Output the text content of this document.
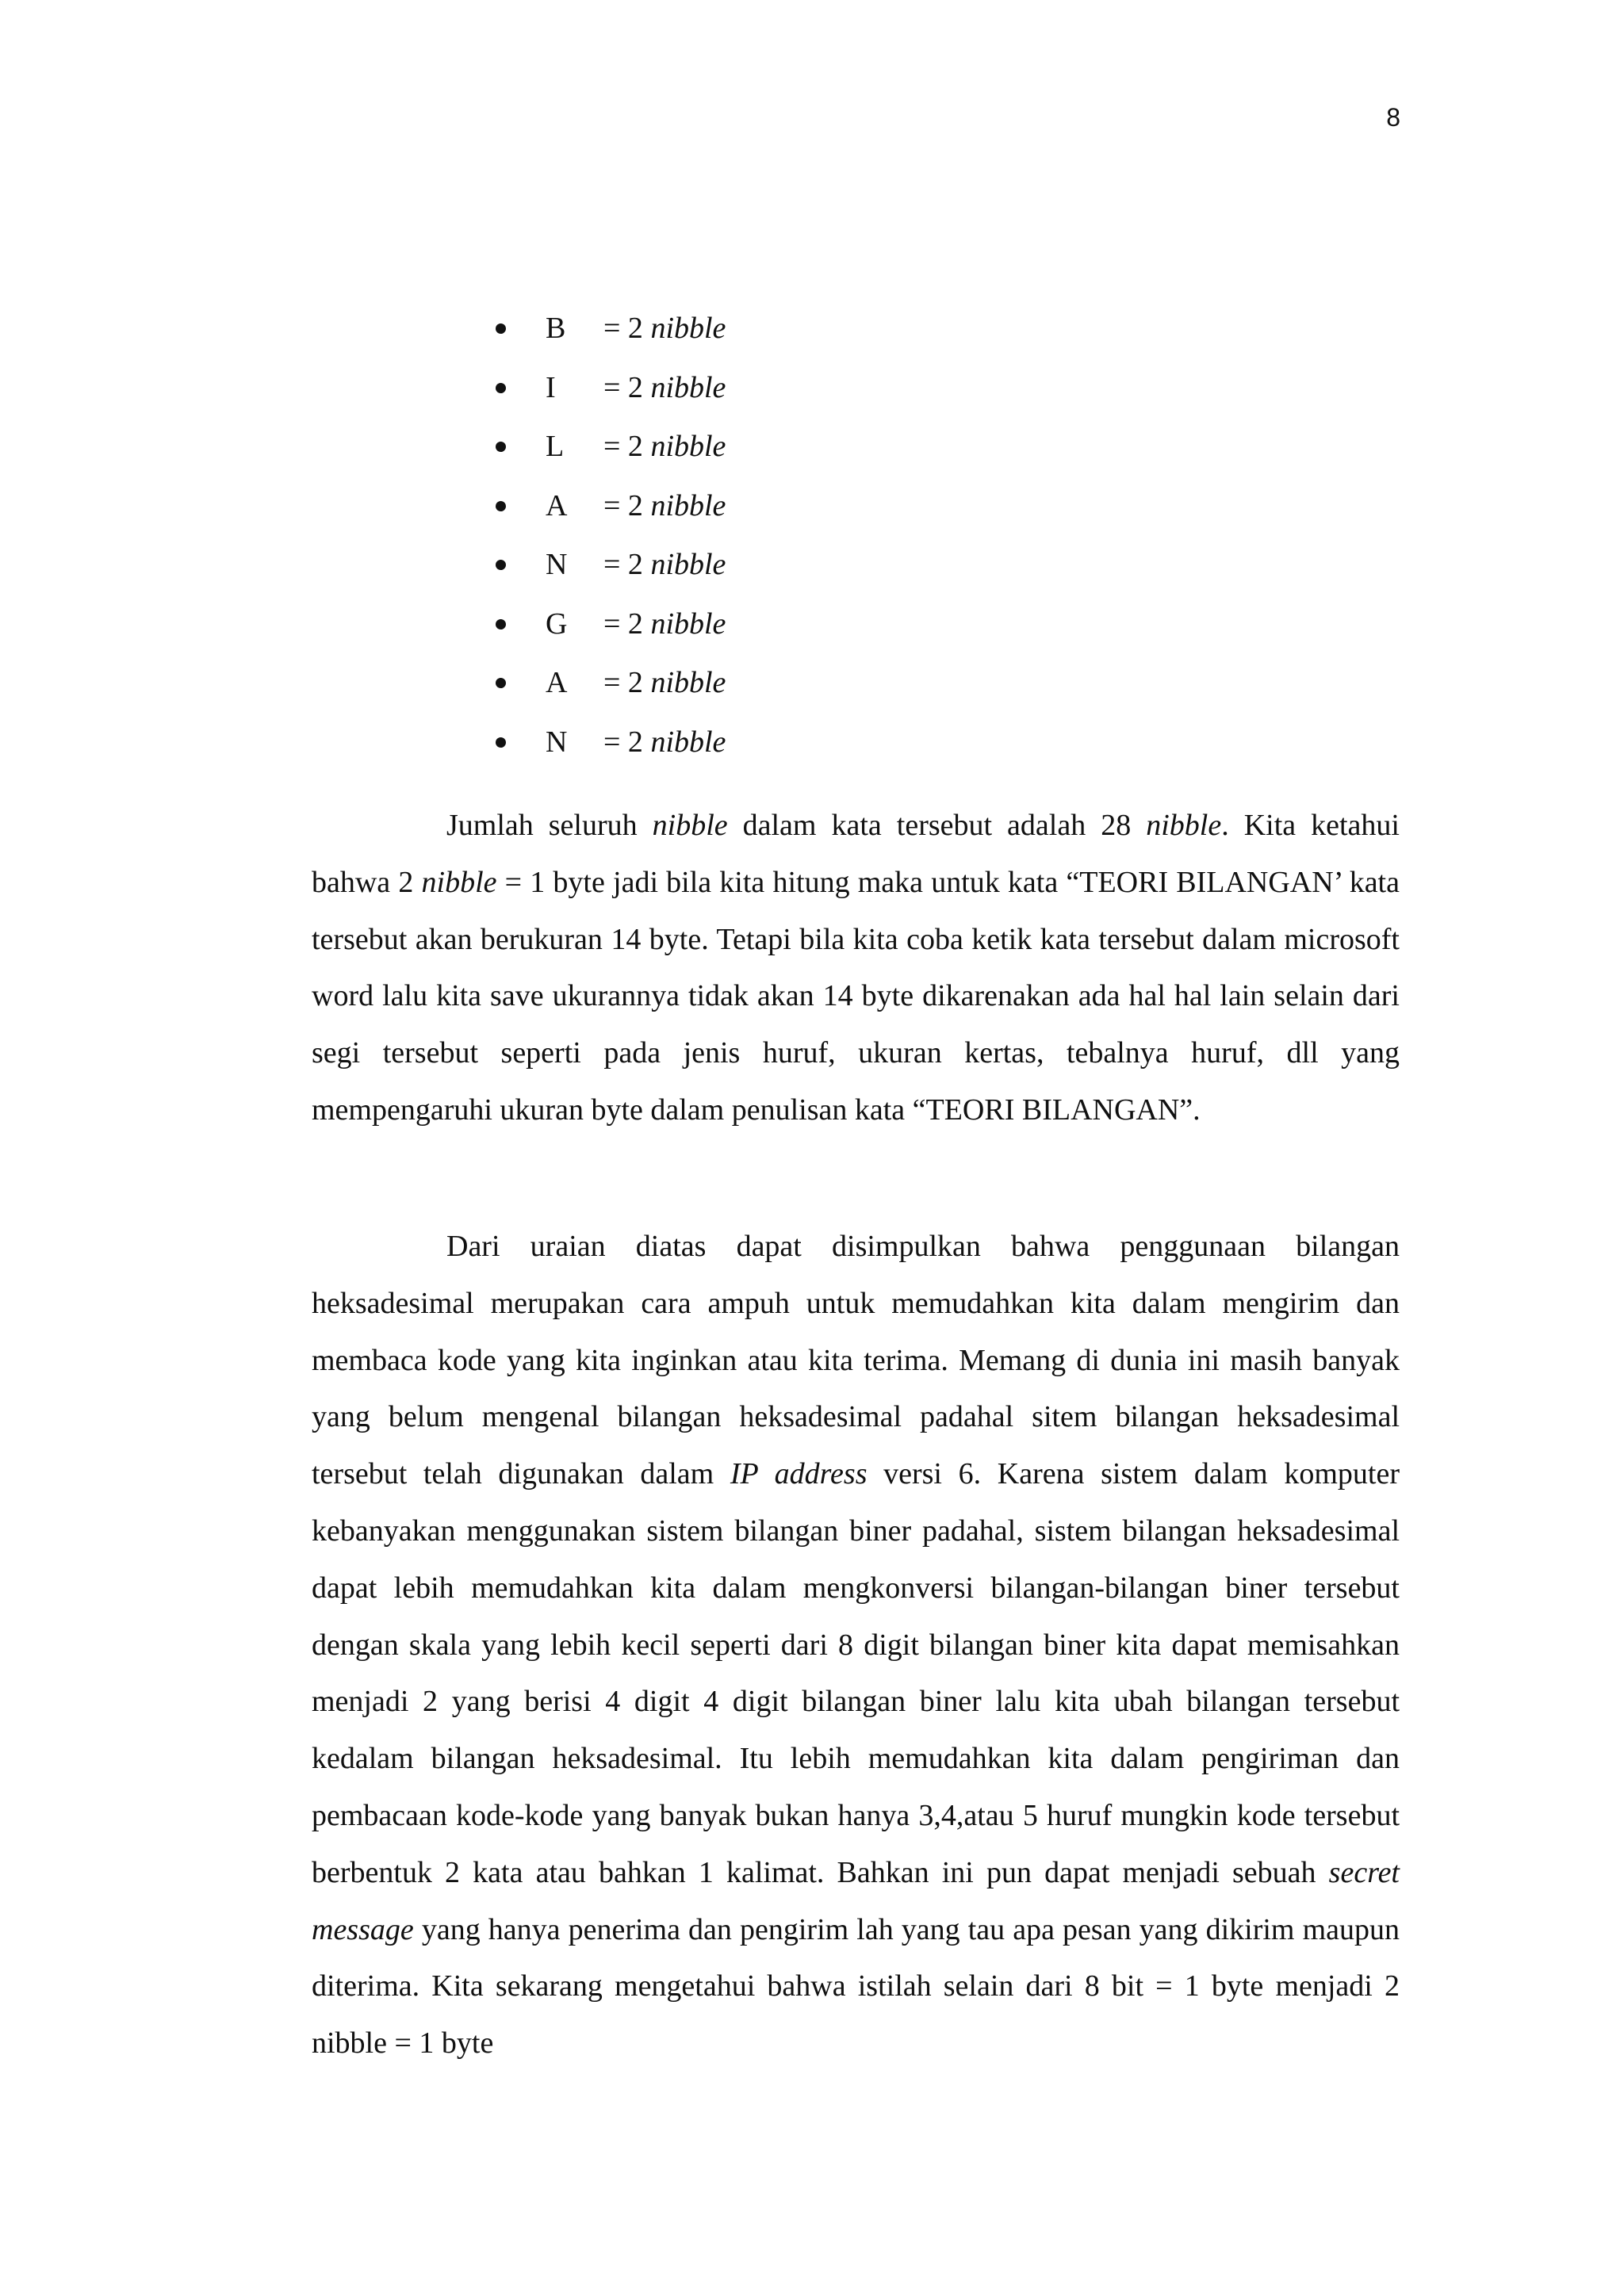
8
B = 2 nibble
I = 2 nibble
L = 2 nibble
A = 2 nibble
N = 2 nibble
G = 2 nibble
A = 2 nibble
N = 2 nibble

Jumlah seluruh nibble dalam kata tersebut adalah 28 nibble. Kita ketahui bahwa 2 nibble = 1 byte jadi bila kita hitung maka untuk kata “TEORI BILANGAN’ kata tersebut akan berukuran 14 byte. Tetapi bila kita coba ketik kata tersebut dalam microsoft word lalu kita save ukurannya tidak akan 14 byte dikarenakan ada hal hal lain selain dari segi tersebut seperti pada jenis huruf, ukuran kertas, tebalnya huruf, dll yang mempengaruhi ukuran byte dalam penulisan kata “TEORI BILANGAN”.

Dari uraian diatas dapat disimpulkan bahwa penggunaan bilangan heksadesimal merupakan cara ampuh untuk memudahkan kita dalam mengirim dan membaca kode yang kita inginkan atau kita terima. Memang di dunia ini masih banyak yang belum mengenal bilangan heksadesimal padahal sitem bilangan heksadesimal tersebut telah digunakan dalam IP address versi 6. Karena sistem dalam komputer kebanyakan menggunakan sistem bilangan biner padahal, sistem bilangan heksadesimal dapat lebih memudahkan kita dalam mengkonversi bilangan-bilangan biner tersebut dengan skala yang lebih kecil seperti dari 8 digit bilangan biner kita dapat memisahkan menjadi 2 yang berisi 4 digit 4 digit bilangan biner lalu kita ubah bilangan tersebut kedalam bilangan heksadesimal. Itu lebih memudahkan kita dalam pengiriman dan pembacaan kode-kode yang banyak bukan hanya 3,4,atau 5 huruf mungkin kode tersebut berbentuk 2 kata atau bahkan 1 kalimat. Bahkan ini pun dapat menjadi sebuah secret message yang hanya penerima dan pengirim lah yang tau apa pesan yang dikirim maupun diterima. Kita sekarang mengetahui bahwa istilah selain dari 8 bit = 1 byte menjadi 2 nibble = 1 byte
